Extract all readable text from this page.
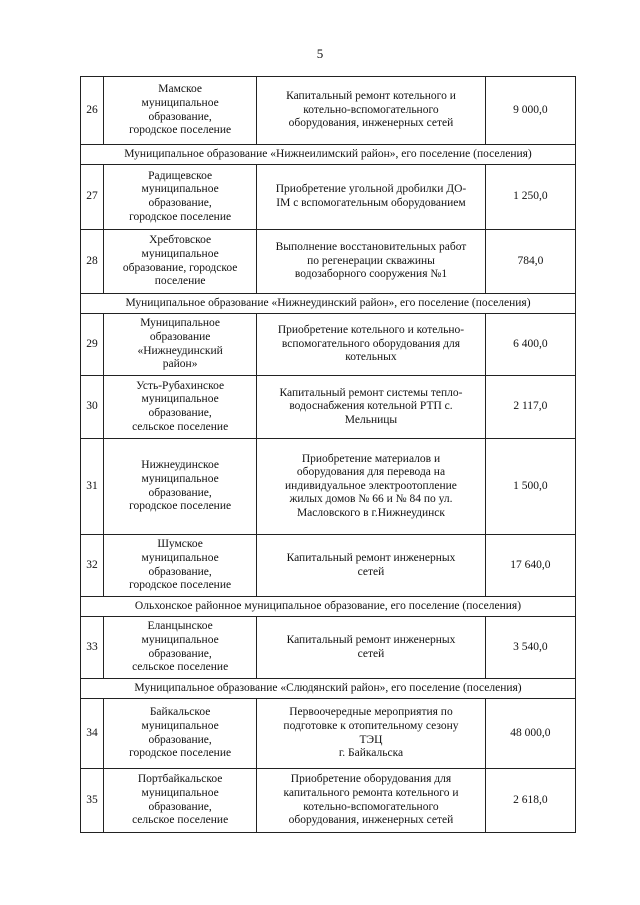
5
26	Мамское
муниципальное
образование,
городское поселение	Капитальный ремонт котельного и
котельно-вспомогательного
оборудования, инженерных сетей	9 000,0
Муниципальное образование «Нижнеилимский район», его поселение (поселения)			
27	Радищевское
муниципальное
образование,
городское поселение	Приобретение угольной дробилки ДО-
IM с вспомогательным оборудованием	1 250,0
28	Хребтовское
муниципальное
образование, городское
поселение	Выполнение восстановительных работ
по регенерации скважины
водозаборного сооружения №1	784,0
Муниципальное образование «Нижнеудинский район», его поселение (поселения)			
29	Муниципальное
образование
«Нижнеудинский
район»	Приобретение котельного и котельно-
вспомогательного оборудования для
котельных	6 400,0
30	Усть-Рубахинское
муниципальное
образование,
сельское поселение	Капитальный ремонт системы тепло-
водоснабжения котельной РТП с.
Мельницы	2 117,0
31	Нижнеудинское
муниципальное
образование,
городское поселение	Приобретение материалов и
оборудования для перевода на
индивидуальное электроотопление
жилых домов № 66 и № 84 по ул.
Масловского в г.Нижнеудинск	1 500,0
32	Шумское
муниципальное
образование,
городское поселение	Капитальный ремонт инженерных
сетей	17 640,0
Ольхонское районное муниципальное образование, его поселение (поселения)			
33	Еланцынское
муниципальное
образование,
сельское поселение	Капитальный ремонт инженерных
сетей	3 540,0
Муниципальное образование «Слюдянский район», его поселение (поселения)			
34	Байкальское
муниципальное
образование,
городское поселение	Первоочередные мероприятия по
подготовке к отопительному сезону
ТЭЦ
г. Байкальска	48 000,0
35	Портбайкальское
муниципальное
образование,
сельское поселение	Приобретение оборудования для
капитального ремонта котельного и
котельно-вспомогательного
оборудования, инженерных сетей	2 618,0
